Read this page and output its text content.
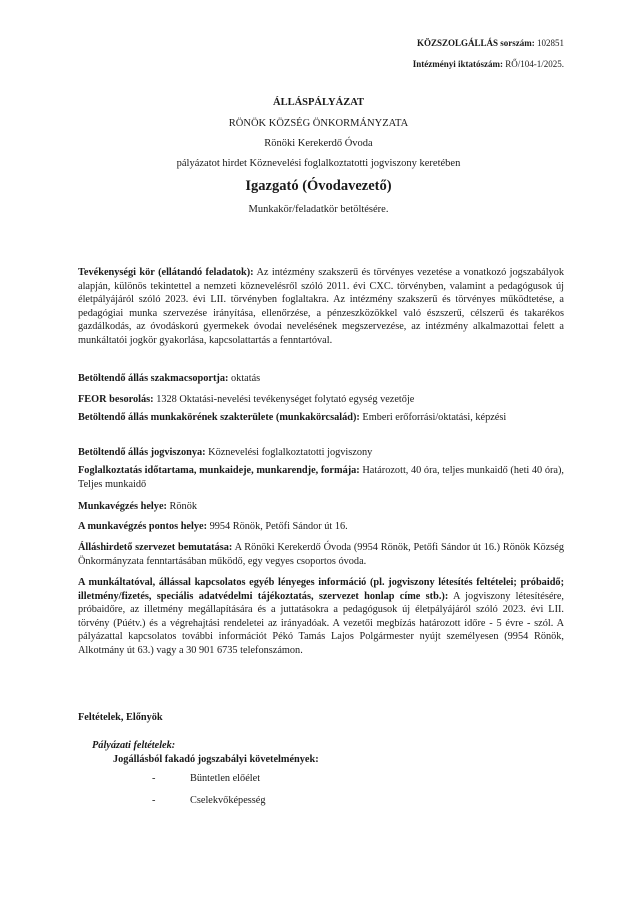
KÖZSZOLGÁLLÁS sorszám: 102851
Intézményi iktatószám: RŐ/104-1/2025.
ÁLLÁSPÁLYÁZAT
RÖNÖK KÖZSÉG ÖNKORMÁNYZATA
Rönöki Kerekerdő Óvoda
pályázatot hirdet Köznevelési foglalkoztatotti jogviszony keretében
Igazgató (Óvodavezető)
Munkakör/feladatkör betöltésére.
Tevékenységi kör (ellátandó feladatok): Az intézmény szakszerű és törvényes vezetése a vonatkozó jogszabályok alapján, különös tekintettel a nemzeti köznevelésről szóló 2011. évi CXC. törvényben, valamint a pedagógusok új életpályájáról szóló 2023. évi LII. törvényben foglaltakra. Az intézmény szakszerű és törvényes működtetése, a pedagógiai munka szervezése irányítása, ellenőrzése, a pénzeszközökkel való észszerű, célszerű és takarékos gazdálkodás, az óvodáskorú gyermekek óvodai nevelésének megszervezése, az intézmény alkalmazottai felett a munkáltatói jogkör gyakorlása, kapcsolattartás a fenntartóval.
Betöltendő állás szakmacsoportja: oktatás
FEOR besorolás: 1328 Oktatási-nevelési tevékenységet folytató egység vezetője
Betöltendő állás munkakörének szakterülete (munkakörcsalád): Emberi erőforrási/oktatási, képzési
Betöltendő állás jogviszonya: Köznevelési foglalkoztatotti jogviszony
Foglalkoztatás időtartama, munkaideje, munkarendje, formája: Határozott, 40 óra, teljes munkaidő (heti 40 óra), Teljes munkaidő
Munkavégzés helye: Rönök
A munkavégzés pontos helye: 9954 Rönök, Petőfi Sándor út 16.
Álláshirdető szervezet bemutatása: A Rönöki Kerekerdő Óvoda (9954 Rönök, Petőfi Sándor út 16.) Rönök Község Önkormányzata fenntartásában működő, egy vegyes csoportos óvoda.
A munkáltatóval, állással kapcsolatos egyéb lényeges információ (pl. jogviszony létesítés feltételei; próbaidő; illetmény/fizetés, speciális adatvédelmi tájékoztatás, szervezet honlap címe stb.): A jogviszony létesítésére, próbaidőre, az illetmény megállapítására és a juttatásokra a pedagógusok új életpályájáról szóló 2023. évi LII. törvény (Púétv.) és a végrehajtási rendeletei az irányadóak. A vezetői megbízás határozott időre - 5 évre - szól. A pályázattal kapcsolatos további információt Pékó Tamás Lajos Polgármester nyújt személyesen (9954 Rönök, Alkotmány út 63.) vagy a 30 901 6735 telefonszámon.
Feltételek, Előnyök
Pályázati feltételek:
Jogállásból fakadó jogszabályi követelmények:
-	Büntetlen előélet
-	Cselekvőképesség
